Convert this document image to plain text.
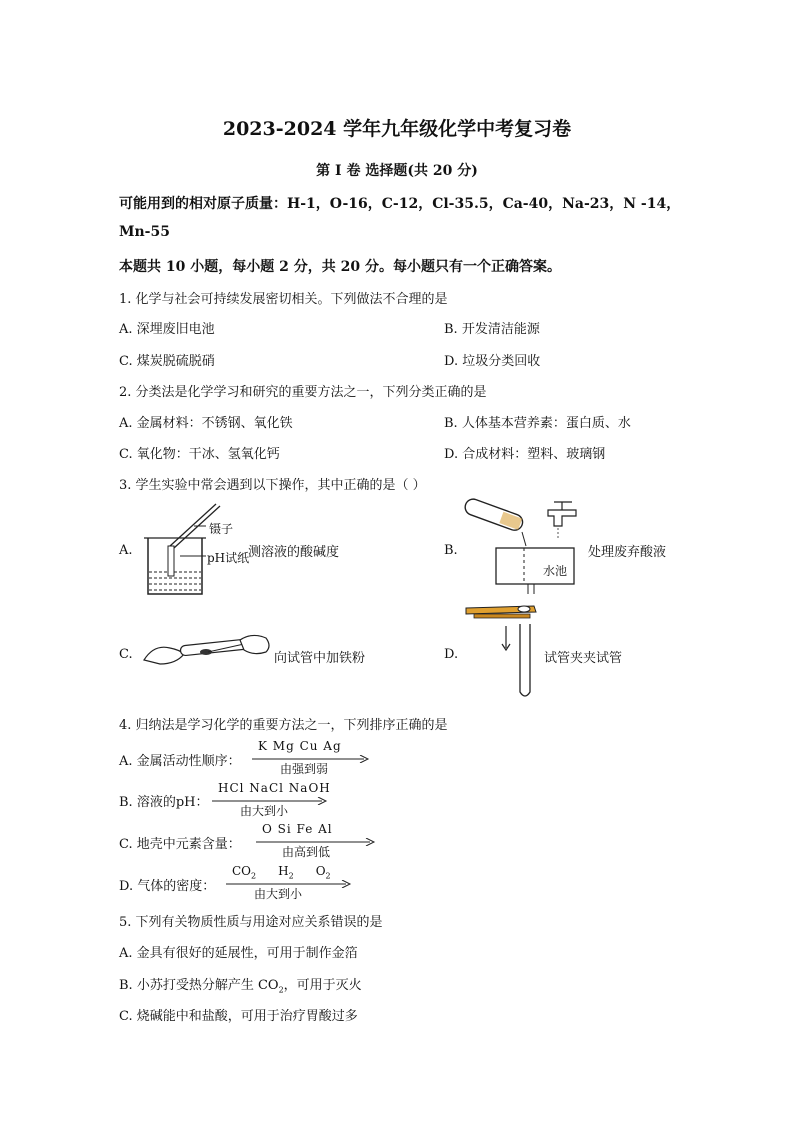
2023-2024 学年九年级化学中考复习卷
第 I 卷 选择题(共 20 分)
可能用到的相对原子质量：H-1，O-16，C-12，Cl-35.5，Ca-40，Na-23，N -14，
Mn-55
本题共 10 小题，每小题 2 分，共 20 分。每小题只有一个正确答案。
1. 化学与社会可持续发展密切相关。下列做法不合理的是
A. 深埋废旧电池	B. 开发清洁能源
C. 煤炭脱硫脱硝	D. 垃圾分类回收
2. 分类法是化学学习和研究的重要方法之一，下列分类正确的是
A. 金属材料：不锈钢、氧化铁	B. 人体基本营养素：蛋白质、水
C. 氧化物：干冰、氢氧化钙	D. 合成材料：塑料、玻璃钢
3. 学生实验中常会遇到以下操作，其中正确的是（ ）
A.
镊子
pH试纸
测溶液的酸碱度	B.
水池
处理废弃酸液
C.	向试管中加铁粉	D.	试管夹夹试管
4. 归纳法是学习化学的重要方法之一，下列排序正确的是
A. 金属活动性顺序：
K Mg Cu Ag
由强到弱
B. 溶液的pH：
HCl NaCl NaOH
由大到小
C. 地壳中元素含量：
O Si Fe Al
由高到低
D. 气体的密度：
$CO_2$ $H_2$ $O_2$
由大到小
5. 下列有关物质性质与用途对应关系错误的是
A. 金具有很好的延展性，可用于制作金箔
B. 小苏打受热分解产生 $CO_2$，可用于灭火
C. 烧碱能中和盐酸，可用于治疗胃酸过多
